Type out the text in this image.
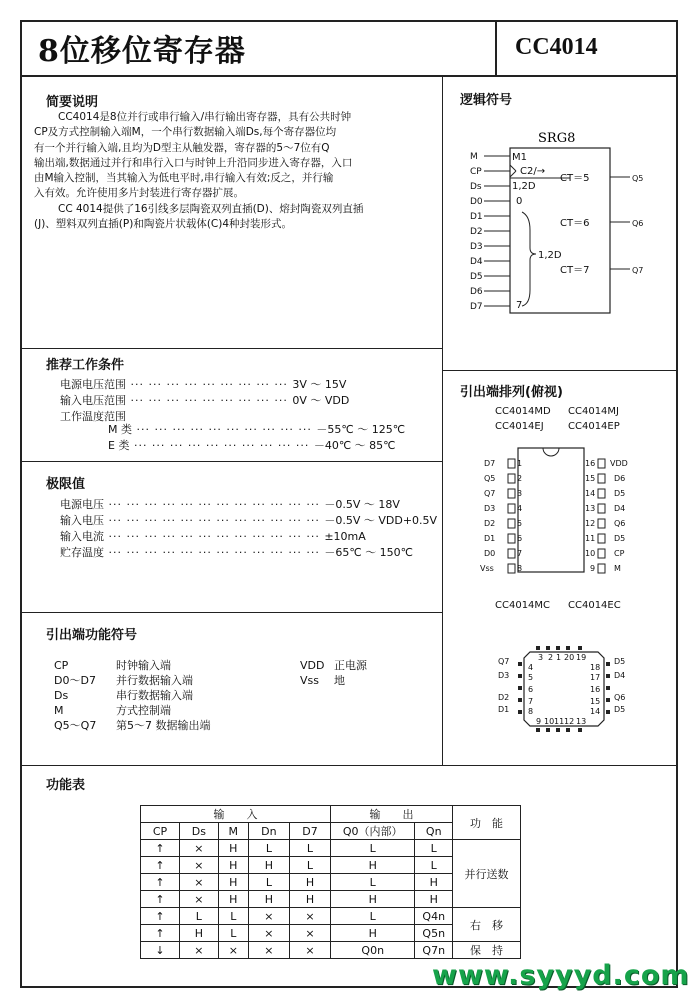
8位移位寄存器	CC4014
简要说明
CC4014是8位并行或串行输入/串行输出寄存器，具有公共时钟
CP及方式控制输入端M，一个串行数据输入端Ds,每个寄存器位均
有一个并行输入端,且均为D型主从触发器，寄存器的5～7位有Q
输出端,数据通过并行和串行入口与时钟上升沿同步进入寄存器，入口
由M输入控制，当其输入为低电平时,串行输入有效;反之，并行输
入有效。允许使用多片封装进行寄存器扩展。
CC 4014提供了16引线多层陶瓷双列直插(D)、熔封陶瓷双列直插
(J)、塑料双列直插(P)和陶瓷片状载体(C)4种封装形式。
逻辑符号
SRG8
M
CP
Ds
D0
D1
D2
D3
D4
D5
D6
D7
M1
C2/→
1,2D
0
1,2D
7
CT＝5
CT＝6
CT＝7
Q5
Q6
Q7
推荐工作条件
电源电压范围 ··· ··· ··· ··· ··· ··· ··· ··· ··· 3V ～ 15V
输入电压范围 ··· ··· ··· ··· ··· ··· ··· ··· ··· 0V ～ VDD
工作温度范围
M 类 ··· ··· ··· ··· ··· ··· ··· ··· ··· ··· －55℃ ～ 125℃
E 类 ··· ··· ··· ··· ··· ··· ··· ··· ··· ··· －40℃ ～ 85℃
极限值
电源电压 ··· ··· ··· ··· ··· ··· ··· ··· ··· ··· ··· ··· －0.5V ～ 18V
输入电压 ··· ··· ··· ··· ··· ··· ··· ··· ··· ··· ··· ··· －0.5V ～ VDD+0.5V
输入电流 ··· ··· ··· ··· ··· ··· ··· ··· ··· ··· ··· ··· ±10mA
贮存温度 ··· ··· ··· ··· ··· ··· ··· ··· ··· ··· ··· ··· －65℃ ～ 150℃
引出端功能符号
CP	时钟输入端
D0～D7 并行数据输入端
Ds	串行数据输入端
M	方式控制端
Q5～Q7 第5～7 数据输出端
VDD 正电源
Vss 地
引出端排列(俯视)
CC4014MD CC4014MJ
CC4014EJ CC4014EP
D7
Q5
Q7
D3
D2
D1
D0
Vss
VDD
D6
D5
D4
Q6
D5
CP
M
1
2
3
4
5
6
7
8
16
15
14
13
12
11
10
9
CC4014MC CC4014EC
Q7
D3
D2
D1
D5
D4
Q6
D5
3 2 1 20 19
18
17
16
15
14
4
5
6
7
8
9 10 11 12 13
功能表
输　　入					输　　出		功　能
CP	Ds	M	Dn	D7	Q0（内部）	Qn	
↑	×	H	L	L	L	L	并行送数
↑	×	H	H	L	H	L	
↑	×	H	L	H	L	H	
↑	×	H	H	H	H	H	
↑	L	L	×	×	L	Q4n	右　移
↑	H	L	×	×	H	Q5n	
↓	×	×	×	×	Q0n	Q7n	保　持
www.syyyd.com
